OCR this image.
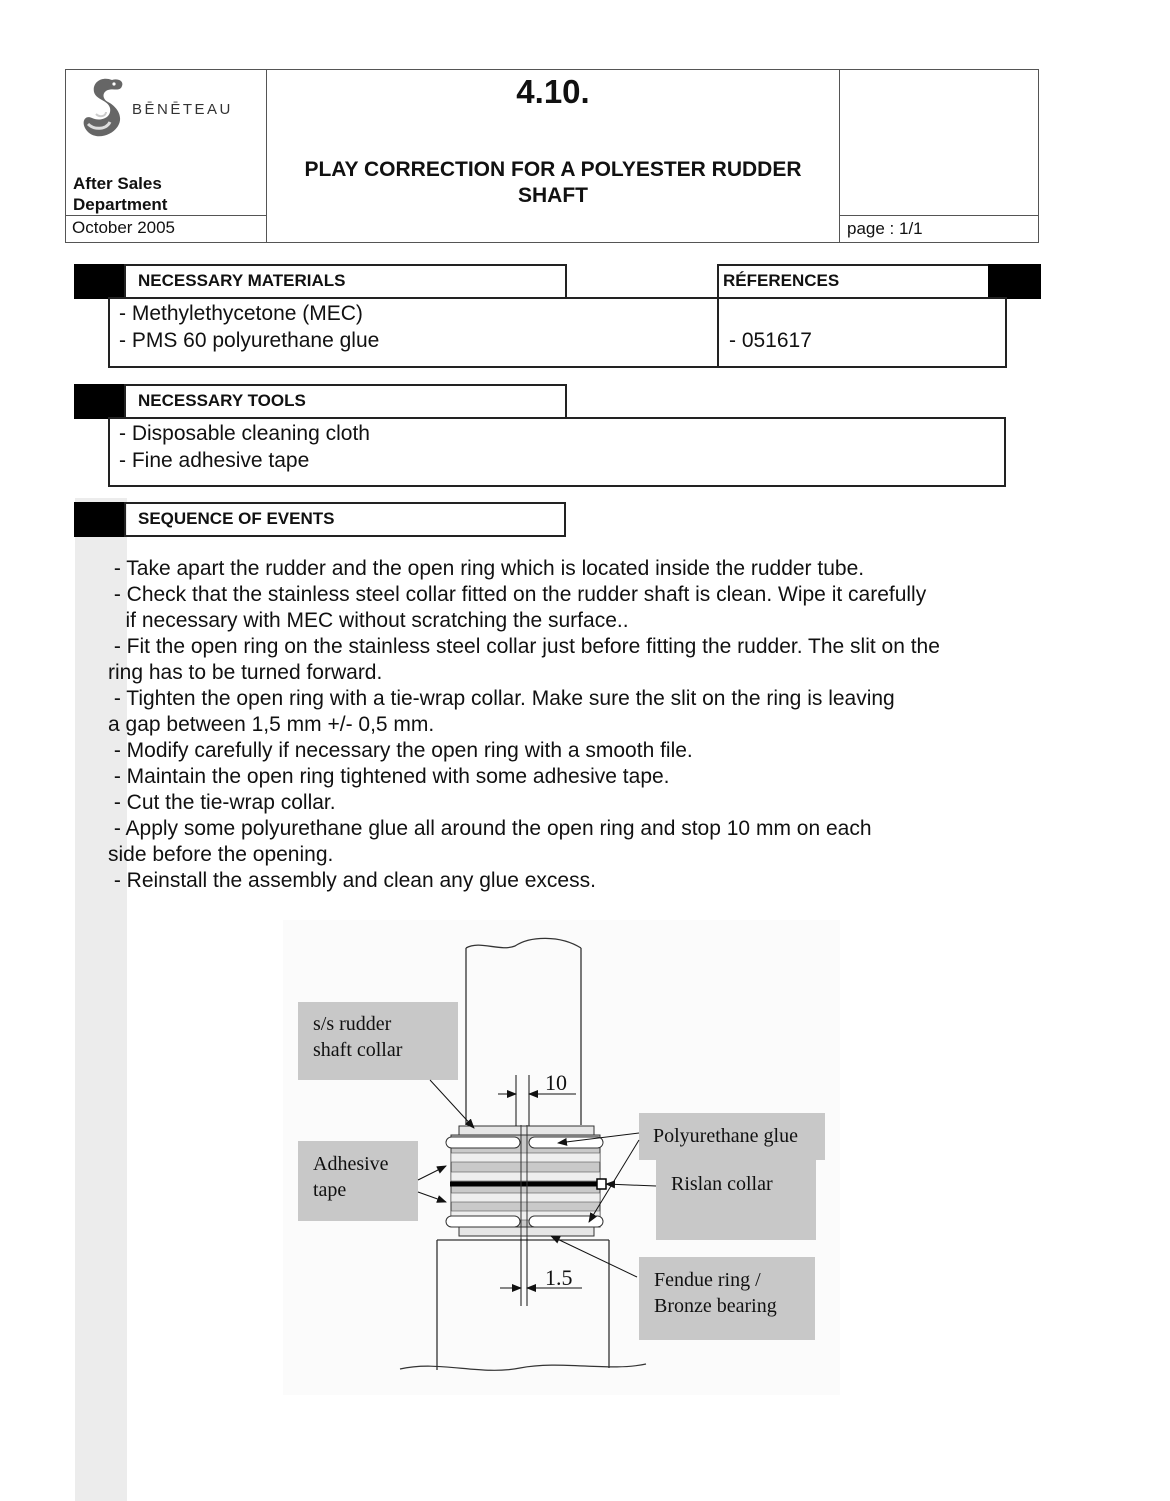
BĒNĒTEAU
After Sales
Department
October 2005
4.10.
PLAY CORRECTION FOR A POLYESTER RUDDER
SHAFT
page : 1/1
NECESSARY MATERIALS	RÉFERENCES
- Methylethycetone (MEC)
- PMS 60 polyurethane glue	- 051617
NECESSARY TOOLS
- Disposable cleaning cloth
- Fine adhesive tape
SEQUENCE OF EVENTS
- Take apart the rudder and the open ring which is located inside the rudder tube.
- Check that the stainless steel collar fitted on the rudder shaft is clean. Wipe it carefully
if necessary with MEC without scratching the surface..
- Fit the open ring on the stainless steel collar just before fitting the rudder. The slit on the
ring has to be turned forward.
- Tighten the open ring with a tie-wrap collar. Make sure the slit on the ring is leaving
a gap between 1,5 mm +/- 0,5 mm.
- Modify carefully if necessary the open ring with a smooth file.
- Maintain the open ring tightened with some adhesive tape.
- Cut the tie-wrap collar.
- Apply some polyurethane glue all around the open ring and stop 10 mm on each
side before the opening.
- Reinstall the assembly and clean any glue excess.
10
1.5
s/s rudder
shaft collar
Adhesive
tape
Polyurethane glue
Rislan collar
Fendue ring /
Bronze bearing
